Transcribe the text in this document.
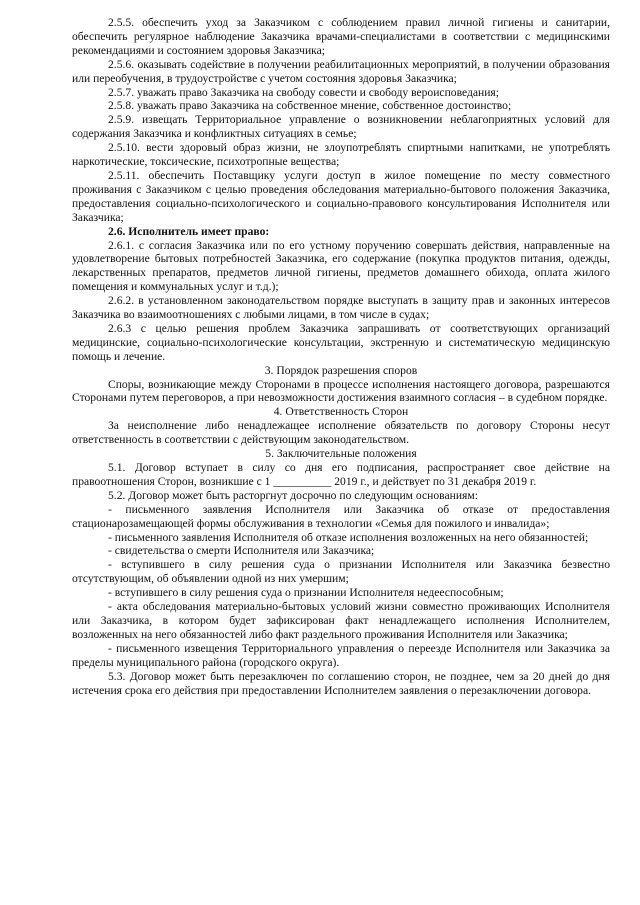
2.5.5. обеспечить уход за Заказчиком с соблюдением правил личной гигиены и санитарии, обеспечить регулярное наблюдение Заказчика врачами-специалистами в соответствии с медицинскими рекомендациями и состоянием здоровья Заказчика;

2.5.6. оказывать содействие в получении реабилитационных мероприятий, в получении образования или переобучения, в трудоустройстве с учетом состояния здоровья Заказчика;

2.5.7. уважать право Заказчика на свободу совести и свободу вероисповедания;

2.5.8. уважать право Заказчика на собственное мнение, собственное достоинство;

2.5.9. извещать Территориальное управление о возникновении неблагоприятных условий для содержания Заказчика и конфликтных ситуациях в семье;

2.5.10. вести здоровый образ жизни, не злоупотреблять спиртными напитками, не употреблять наркотические, токсические, психотропные вещества;

2.5.11. обеспечить Поставщику услуги доступ в жилое помещение по месту совместного проживания с Заказчиком с целью проведения обследования материально-бытового положения Заказчика, предоставления социально-психологического и социально-правового консультирования Исполнителя или Заказчика;

2.6. Исполнитель имеет право:

2.6.1. с согласия Заказчика или по его устному поручению совершать действия, направленные на удовлетворение бытовых потребностей Заказчика, его содержание (покупка продуктов питания, одежды, лекарственных препаратов, предметов личной гигиены, предметов домашнего обихода, оплата жилого помещения и коммунальных услуг и т.д.);

2.6.2. в установленном законодательством порядке выступать в защиту прав и законных интересов Заказчика во взаимоотношениях с любыми лицами, в том числе в судах;

2.6.3 с целью решения проблем Заказчика запрашивать от соответствующих организаций медицинские, социально-психологические консультации, экстренную и систематическую медицинскую помощь и лечение.

3. Порядок разрешения споров

Споры, возникающие между Сторонами в процессе исполнения настоящего договора, разрешаются Сторонами путем переговоров, а при невозможности достижения взаимного согласия – в судебном порядке.

4. Ответственность Сторон

За неисполнение либо ненадлежащее исполнение обязательств по договору Стороны несут ответственность в соответствии с действующим законодательством.

5. Заключительные положения

5.1. Договор вступает в силу со дня его подписания, распространяет свое действие на правоотношения Сторон, возникшие с 1 __________ 2019 г., и действует по 31 декабря 2019 г.

5.2. Договор может быть расторгнут досрочно по следующим основаниям:

- письменного заявления Исполнителя или Заказчика об отказе от предоставления стационарозамещающей формы обслуживания в технологии «Семья для пожилого и инвалида»;

- письменного заявления Исполнителя об отказе исполнения возложенных на него обязанностей;

- свидетельства о смерти Исполнителя или Заказчика;

- вступившего в силу решения суда о признании Исполнителя или Заказчика безвестно отсутствующим, об объявлении одной из них умершим;

- вступившего в силу решения суда о признании Исполнителя недееспособным;

- акта обследования материально-бытовых условий жизни совместно проживающих Исполнителя или Заказчика, в котором будет зафиксирован факт ненадлежащего исполнения Исполнителем, возложенных на него обязанностей либо факт раздельного проживания Исполнителя или Заказчика;

- письменного извещения Территориального управления о переезде Исполнителя или Заказчика за пределы муниципального района (городского округа).

5.3. Договор может быть перезаключен по соглашению сторон, не позднее, чем за 20 дней до дня истечения срока его действия при предоставлении Исполнителем заявления о перезаключении договора.
